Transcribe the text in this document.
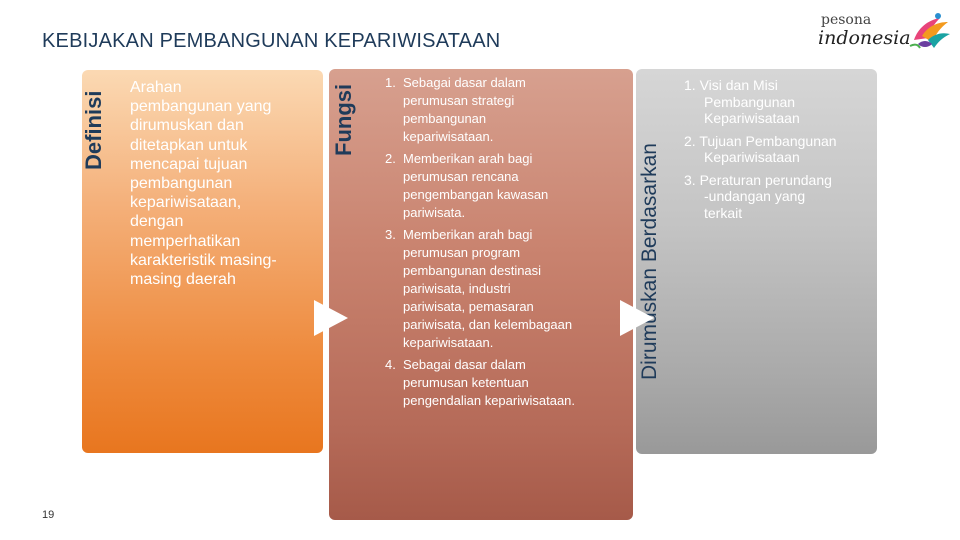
KEBIJAKAN PEMBANGUNAN KEPARIWISATAAN
pesona
indonesia
Definisi	Fungsi
Dirumuskan Berdasarkan
Arahan
pembangunan yang
dirumuskan dan
ditetapkan untuk
mencapai tujuan
pembangunan
kepariwisataan,
dengan
memperhatikan
karakteristik masing-
masing daerah
1. Sebagai dasar dalam
perumusan strategi
pembangunan
kepariwisataan.
2. Memberikan arah bagi
perumusan rencana
pengembangan kawasan
pariwisata.
3. Memberikan arah bagi
perumusan program
pembangunan destinasi
pariwisata, industri
pariwisata, pemasaran
pariwisata, dan kelembagaan
kepariwisataan.
4. Sebagai dasar dalam
perumusan ketentuan
pengendalian kepariwisataan.
1. Visi dan Misi
Pembangunan
Kepariwisataan
2. Tujuan Pembangunan
Kepariwisataan
3. Peraturan perundang
-undangan yang
terkait
19
